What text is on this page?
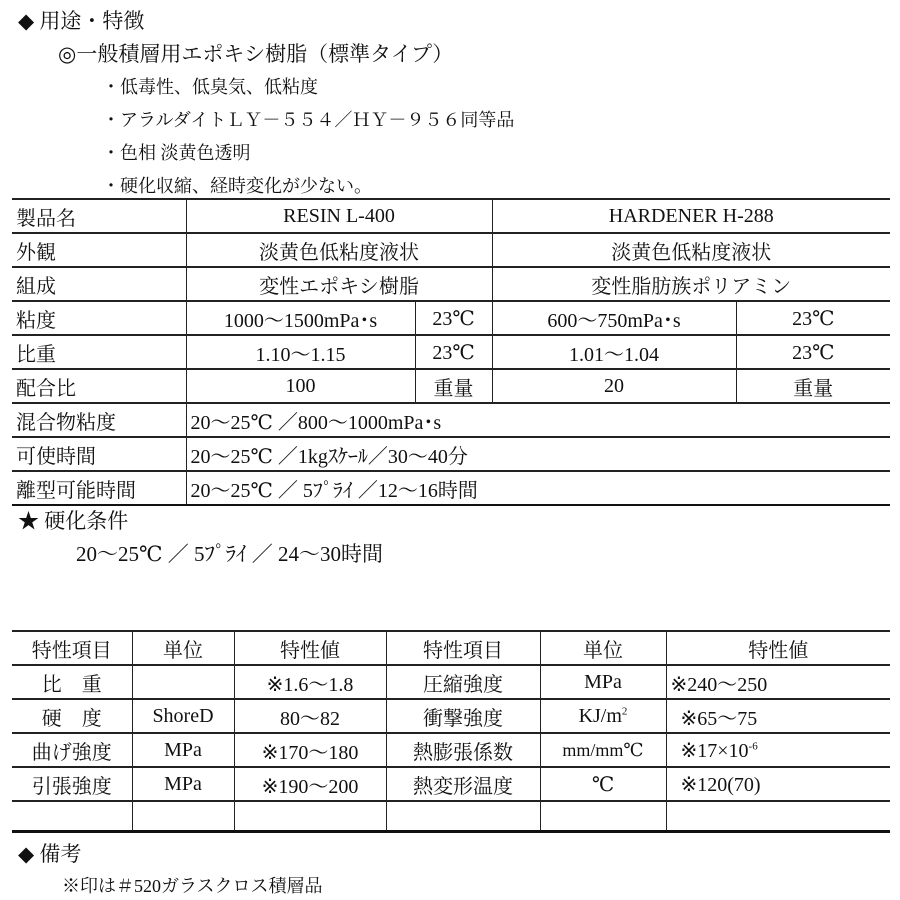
◆ 用途・特徴
◎一般積層用エポキシ樹脂（標準タイプ）
・低毒性、低臭気、低粘度
・アラルダイトＬＹ－５５４／ＨＹ－９５６同等品
・色相 淡黄色透明
・硬化収縮、経時変化が少ない。
製品名	RESIN L-400		HARDENER H-288	
外観	淡黄色低粘度液状		淡黄色低粘度液状	
組成	変性エポキシ樹脂		変性脂肪族ポリアミン	
粘度	1000～1500mPa･s	23℃	600～750mPa･s	23℃
比重	1.10～1.15	23℃	1.01～1.04	23℃
配合比	100	重量	20	重量
混合物粘度	20～25℃ ／800～1000mPa･s			
可使時間	20～25℃ ／1kgｽｹｰﾙ／30～40分			
離型可能時間	20～25℃ ／ 5ﾌﾟﾗｲ ／12～16時間			
★ 硬化条件
20～25℃ ／ 5ﾌﾟﾗｲ ／ 24～30時間
特性項目	単位	特性値	特性項目	単位	特性値
比　重		※1.6～1.8	圧縮強度	MPa	※240～250
硬　度	ShoreD	80～82	衝撃強度	$KJ/m^2$	※65～75
曲げ強度	MPa	※170～180	熱膨張係数	mm/mm℃	$※17\times 10^{-6}$
引張強度	MPa	※190～200	熱変形温度	℃	※120(70)

◆ 備考
※印は＃520ガラスクロス積層品
